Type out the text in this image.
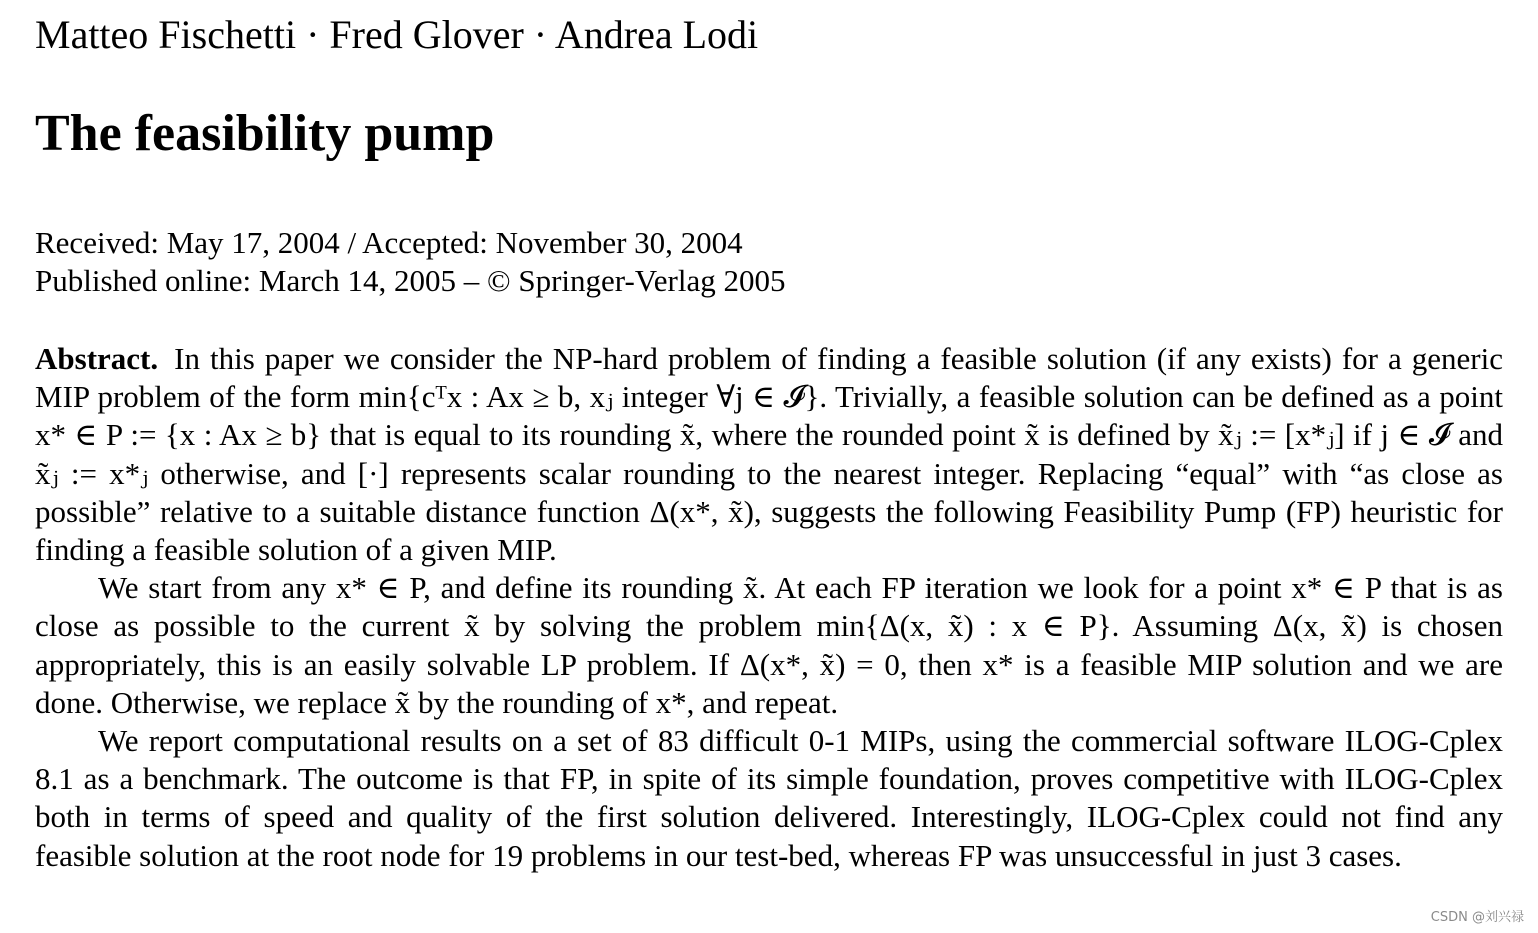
Matteo Fischetti · Fred Glover · Andrea Lodi
The feasibility pump
Received: May 17, 2004 / Accepted: November 30, 2004
Published online: March 14, 2005 – © Springer-Verlag 2005

Abstract. In this paper we consider the NP-hard problem of finding a feasible solution (if any exists) for a generic MIP problem of the form min{cᵀx : Ax ≥ b, xⱼ integer ∀j ∈ 𝓘}. Trivially, a feasible solution can be defined as a point x* ∈ P := {x : Ax ≥ b} that is equal to its rounding x̃, where the rounded point x̃ is defined by x̃ⱼ := [x*ⱼ] if j ∈ 𝓘 and x̃ⱼ := x*ⱼ otherwise, and [·] represents scalar rounding to the nearest integer. Replacing “equal” with “as close as possible” relative to a suitable distance function Δ(x*, x̃), suggests the following Feasibility Pump (FP) heuristic for finding a feasible solution of a given MIP.

We start from any x* ∈ P, and define its rounding x̃. At each FP iteration we look for a point x* ∈ P that is as close as possible to the current x̃ by solving the problem min{Δ(x, x̃) : x ∈ P}. Assuming Δ(x, x̃) is chosen appropriately, this is an easily solvable LP problem. If Δ(x*, x̃) = 0, then x* is a feasible MIP solution and we are done. Otherwise, we replace x̃ by the rounding of x*, and repeat.

We report computational results on a set of 83 difficult 0-1 MIPs, using the commercial software ILOG-Cplex 8.1 as a benchmark. The outcome is that FP, in spite of its simple foundation, proves competitive with ILOG-Cplex both in terms of speed and quality of the first solution delivered. Interestingly, ILOG-Cplex could not find any feasible solution at the root node for 19 problems in our test-bed, whereas FP was unsuccessful in just 3 cases.

CSDN @刘兴禄
